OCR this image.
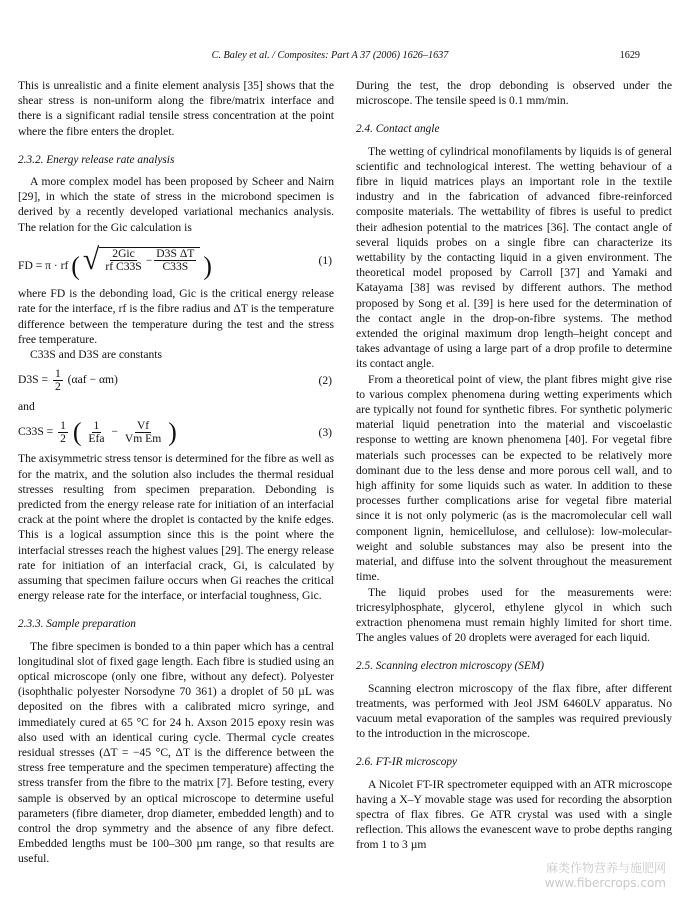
C. Baley et al. / Composites: Part A 37 (2006) 1626–1637	1629

This is unrealistic and a finite element analysis [35] shows that the shear stress is non-uniform along the fibre/matrix interface and there is a significant radial tensile stress concentration at the point where the fibre enters the droplet.

2.3.2. Energy release rate analysis

A more complex model has been proposed by Scheer and Nairn [29], in which the state of stress in the microbond specimen is derived by a recently developed variational mechanics analysis. The relation for the Gic calculation is

FD = π · rf ( √ $\frac{\text{2Gic}}{\text{rf C33S}} - \frac{\text{D3S ΔT}}{C33S}$ )	(1)

where FD is the debonding load, Gic is the critical energy release rate for the interface, rf is the fibre radius and ΔT is the temperature difference between the temperature during the test and the stress free temperature.

C33S and D3S are constants

$D3S = \frac{1}{2} (\alpha af - \alpha m)$	(2)

and

$C33S = \frac{1}{2}$ ( $\frac{1}{\text{Efa}} - \frac{Vf}{\text{Vm Em}}$ )	(3)

The axisymmetric stress tensor is determined for the fibre as well as for the matrix, and the solution also includes the thermal residual stresses resulting from specimen preparation. Debonding is predicted from the energy release rate for initiation of an interfacial crack at the point where the droplet is contacted by the knife edges. This is a logical assumption since this is the point where the interfacial stresses reach the highest values [29]. The energy release rate for initiation of an interfacial crack, Gi, is calculated by assuming that specimen failure occurs when Gi reaches the critical energy release rate for the interface, or interfacial toughness, Gic.

2.3.3. Sample preparation

The fibre specimen is bonded to a thin paper which has a central longitudinal slot of fixed gage length. Each fibre is studied using an optical microscope (only one fibre, without any defect). Polyester (isophthalic polyester Norsodyne 70 361) a droplet of 50 µL was deposited on the fibres with a calibrated micro syringe, and immediately cured at 65 °C for 24 h. Axson 2015 epoxy resin was also used with an identical curing cycle. Thermal cycle creates residual stresses (ΔT = −45 °C, ΔT is the difference between the stress free temperature and the specimen temperature) affecting the stress transfer from the fibre to the matrix [7]. Before testing, every sample is observed by an optical microscope to determine useful parameters (fibre diameter, drop diameter, embedded length) and to control the drop symmetry and the absence of any fibre defect. Embedded lengths must be 100–300 µm range, so that results are useful.

During the test, the drop debonding is observed under the microscope. The tensile speed is 0.1 mm/min.

2.4. Contact angle

The wetting of cylindrical monofilaments by liquids is of general scientific and technological interest. The wetting behaviour of a fibre in liquid matrices plays an important role in the textile industry and in the fabrication of advanced fibre-reinforced composite materials. The wettability of fibres is useful to predict their adhesion potential to the matrices [36]. The contact angle of several liquids probes on a single fibre can characterize its wettability by the contacting liquid in a given environment. The theoretical model proposed by Carroll [37] and Yamaki and Katayama [38] was revised by different authors. The method proposed by Song et al. [39] is here used for the determination of the contact angle in the drop-on-fibre systems. The method extended the original maximum drop length–height concept and takes advantage of using a large part of a drop profile to determine its contact angle.

From a theoretical point of view, the plant fibres might give rise to various complex phenomena during wetting experiments which are typically not found for synthetic fibres. For synthetic polymeric material liquid penetration into the material and viscoelastic response to wetting are known phenomena [40]. For vegetal fibre materials such processes can be expected to be relatively more dominant due to the less dense and more porous cell wall, and to high affinity for some liquids such as water. In addition to these processes further complications arise for vegetal fibre material since it is not only polymeric (as is the macromolecular cell wall component lignin, hemicellulose, and cellulose): low-molecular-weight and soluble substances may also be present into the material, and diffuse into the solvent throughout the measurement time.

The liquid probes used for the measurements were: tricresylphosphate, glycerol, ethylene glycol in which such extraction phenomena must remain highly limited for short time. The angles values of 20 droplets were averaged for each liquid.

2.5. Scanning electron microscopy (SEM)

Scanning electron microscopy of the flax fibre, after different treatments, was performed with Jeol JSM 6460LV apparatus. No vacuum metal evaporation of the samples was required previously to the introduction in the microscope.

2.6. FT-IR microscopy

A Nicolet FT-IR spectrometer equipped with an ATR microscope having a X–Y movable stage was used for recording the absorption spectra of flax fibres. Ge ATR crystal was used with a single reflection. This allows the evanescent wave to probe depths ranging from 1 to 3 µm

麻类作物营养与施肥网
www.fibercrops.com
